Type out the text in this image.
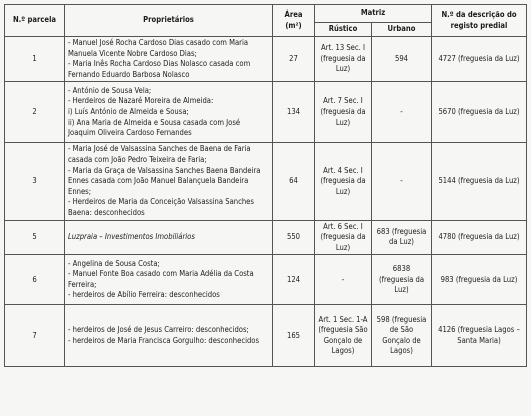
N.º parcela	Proprietários	Área (m²)	Matriz		N.º da descrição do registo predial
			Rústico	Urbano	
1	- Manuel José Rocha Cardoso Dias casado com Maria Manuela Vicente Nobre Cardoso Dias;
- Maria Inês Rocha Cardoso Dias Nolasco casada com Fernando Eduardo Barbosa Nolasco	27	Art. 13 Sec. I (freguesia da Luz)	594	4727 (freguesia da Luz)
2	- António de Sousa Vela;
- Herdeiros de Nazaré Moreira de Almeida:
i) Luís António de Almeida e Sousa;
ii) Ana Maria de Almeida e Sousa casada com José Joaquim Oliveira Cardoso Fernandes	134	Art. 7 Sec. I (freguesia da Luz)	-	5670 (freguesia da Luz)
3	- Maria José de Valsassina Sanches de Baena de Faria casada com João Pedro Teixeira de Faria;
- Maria da Graça de Valsassina Sanches Baena Bandeira Ennes casada com João Manuel Balançuela Bandeira Ennes;
- Herdeiros de Maria da Conceição Valsassina Sanches Baena: desconhecidos	64	Art. 4 Sec. I (freguesia da Luz)	-	5144 (freguesia da Luz)
5	Luzpraia – Investimentos Imobiliários	550	Art. 6 Sec. I (freguesia da Luz)	683 (freguesia da Luz)	4780 (freguesia da Luz)
6	- Angelina de Sousa Costa;
- Manuel Fonte Boa casado com Maria Adélia da Costa Ferreira;
- herdeiros de Abílio Ferreira: desconhecidos	124	-	6838 (freguesia da Luz)	983 (freguesia da Luz)
7	- herdeiros de José de Jesus Carreiro: desconhecidos;
- herdeiros de Maria Francisca Gorgulho: desconhecidos	165	Art. 1 Sec. 1-A (freguesia São Gonçalo de Lagos)	598 (freguesia de São Gonçalo de Lagos)	4126 (freguesia Lagos – Santa Maria)
